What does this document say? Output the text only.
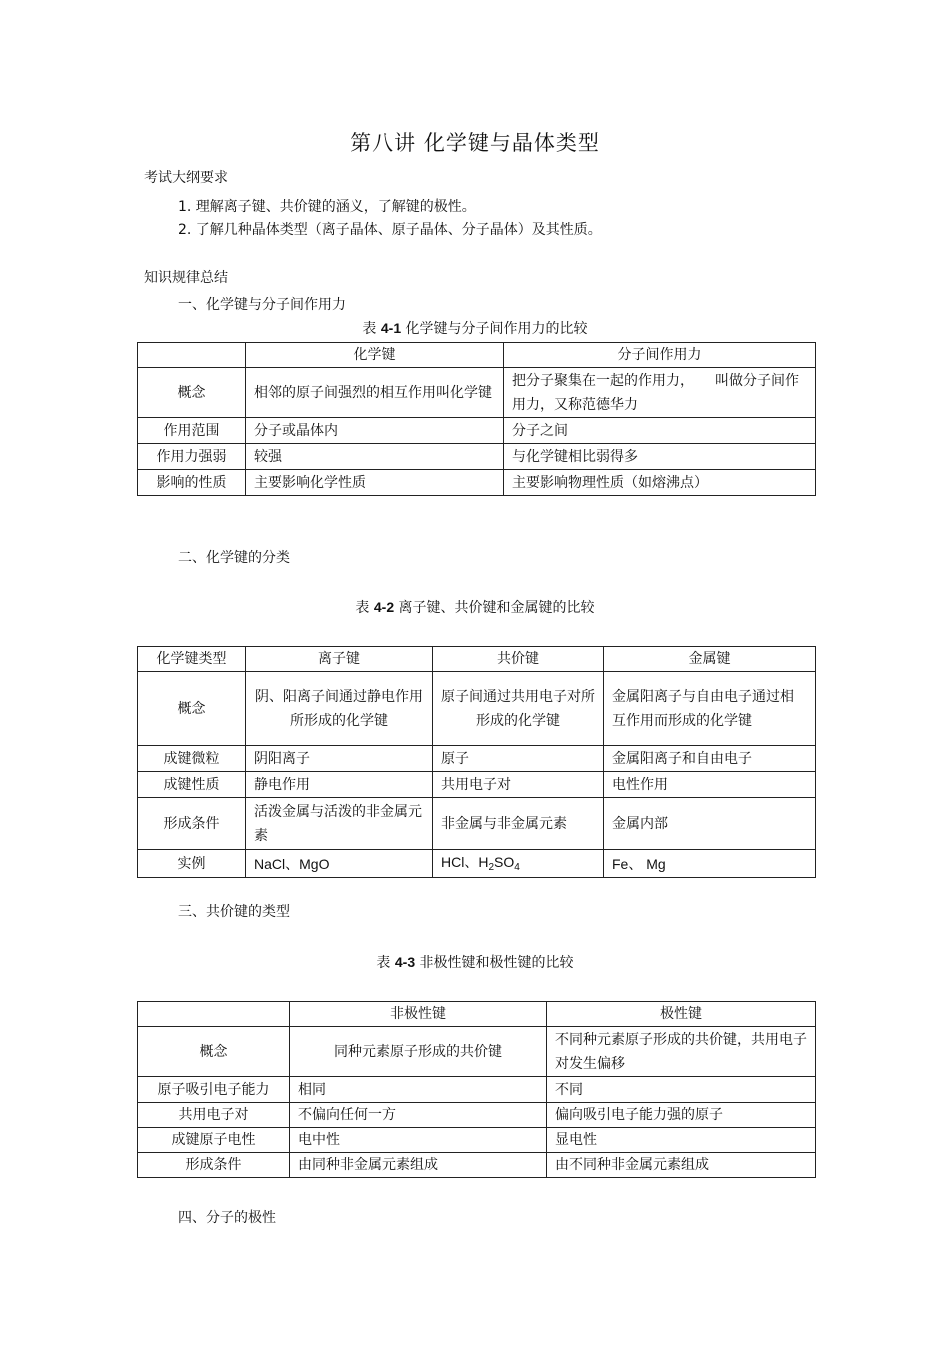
第八讲 化学键与晶体类型
考试大纲要求
1. 理解离子键、共价键的涵义，了解键的极性。
2. 了解几种晶体类型（离子晶体、原子晶体、分子晶体）及其性质。
知识规律总结
一、化学键与分子间作用力
表 4-1 化学键与分子间作用力的比较
	化学键	分子间作用力
概念	相邻的原子间强烈的相互作用叫化学键	把分子聚集在一起的作用力，　　叫做分子间作用力，又称范德华力
作用范围	分子或晶体内	分子之间
作用力强弱	较强	与化学键相比弱得多
影响的性质	主要影响化学性质	主要影响物理性质（如熔沸点）
二、化学键的分类
表 4-2 离子键、共价键和金属键的比较
化学键类型	离子键	共价键	金属键
概念	阴、阳离子间通过静电作用所形成的化学键	原子间通过共用电子对所形成的化学键	金属阳离子与自由电子通过相互作用而形成的化学键
成键微粒	阴阳离子	原子	金属阳离子和自由电子
成键性质	静电作用	共用电子对	电性作用
形成条件	活泼金属与活泼的非金属元素	非金属与非金属元素	金属内部
实例	NaCl、MgO	HCl、$H_2SO_4$	Fe、 Mg
三、共价键的类型
表 4-3 非极性键和极性键的比较
	非极性键	极性键
概念	同种元素原子形成的共价键	不同种元素原子形成的共价键，共用电子对发生偏移
原子吸引电子能力	相同	不同
共用电子对	不偏向任何一方	偏向吸引电子能力强的原子
成键原子电性	电中性	显电性
形成条件	由同种非金属元素组成	由不同种非金属元素组成
四、分子的极性
